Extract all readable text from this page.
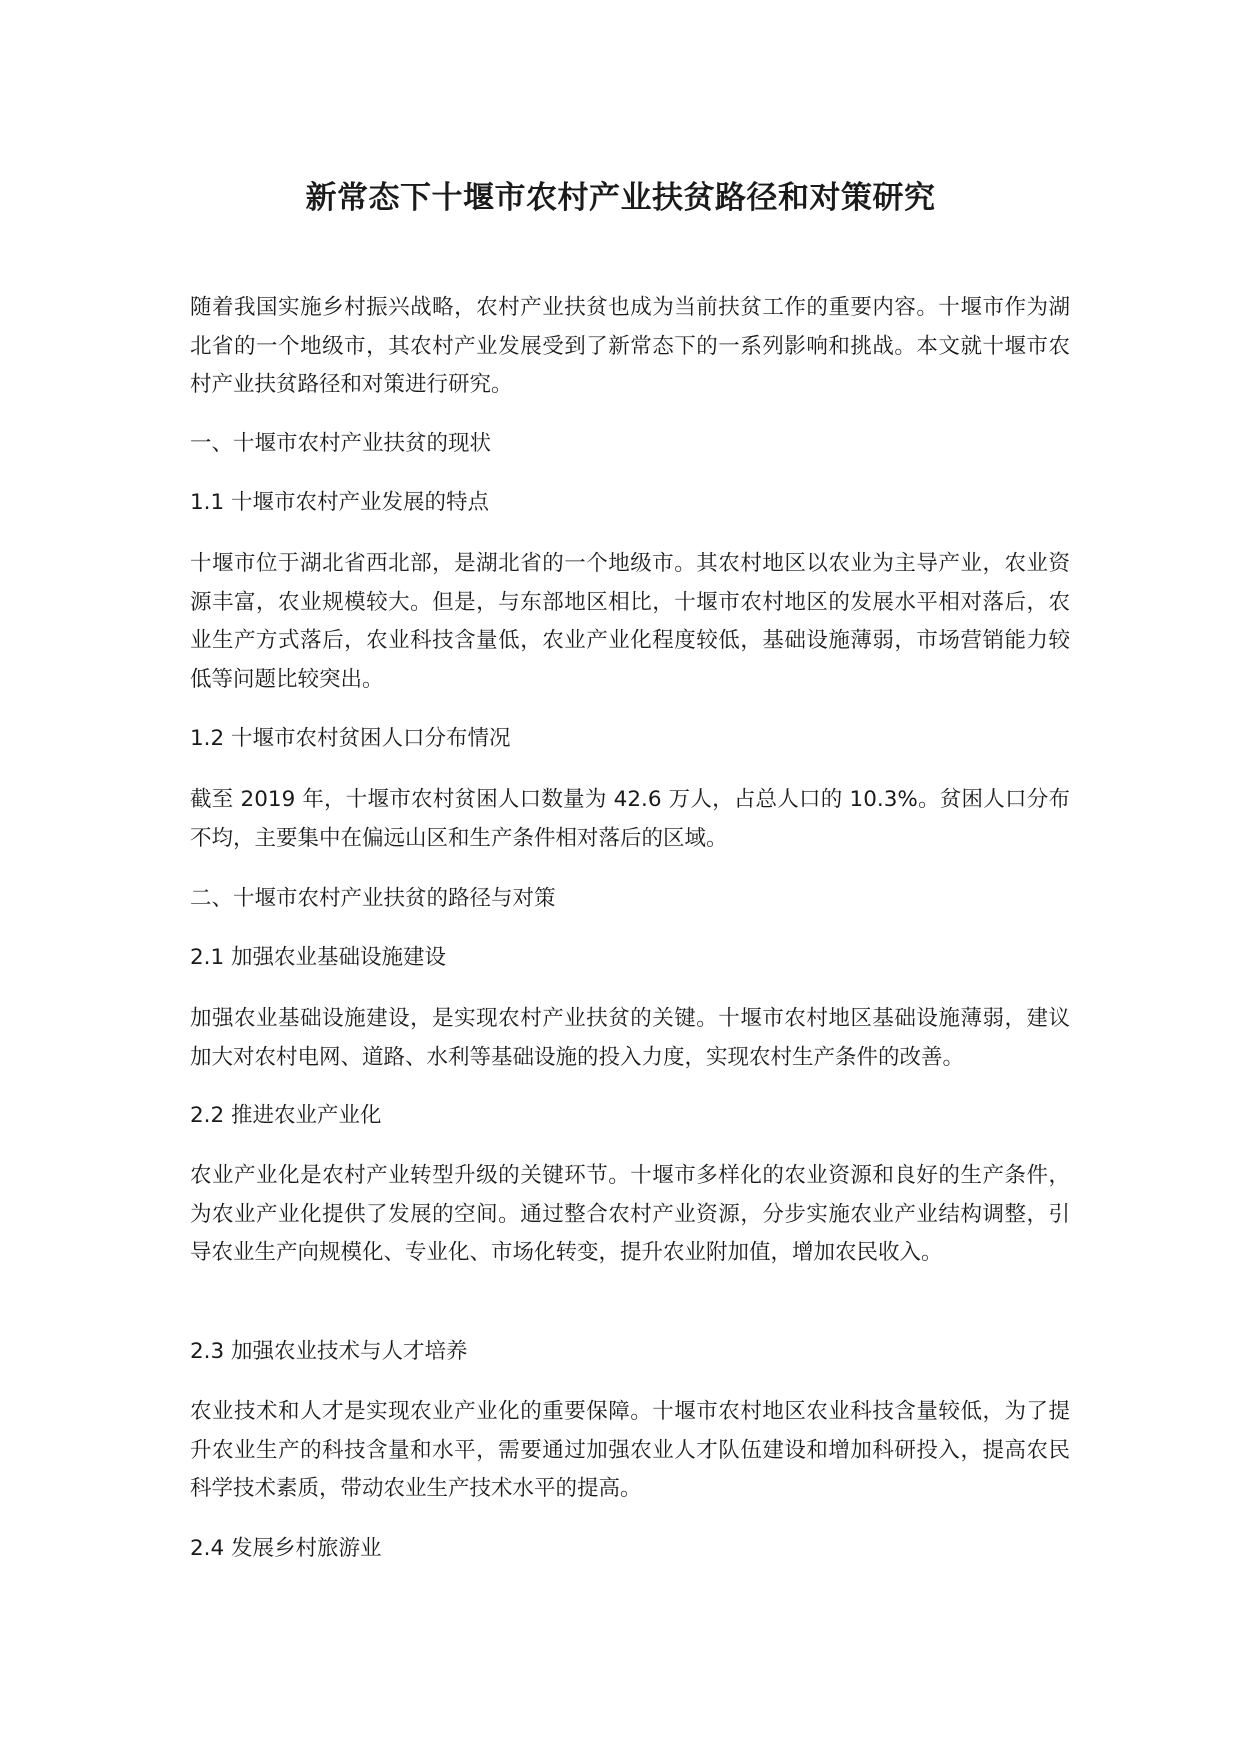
新常态下十堰市农村产业扶贫路径和对策研究

随着我国实施乡村振兴战略，农村产业扶贫也成为当前扶贫工作的重要内容。十堰市作为湖北省的一个地级市，其农村产业发展受到了新常态下的一系列影响和挑战。本文就十堰市农村产业扶贫路径和对策进行研究。

一、十堰市农村产业扶贫的现状

1.1 十堰市农村产业发展的特点

十堰市位于湖北省西北部，是湖北省的一个地级市。其农村地区以农业为主导产业，农业资源丰富，农业规模较大。但是，与东部地区相比，十堰市农村地区的发展水平相对落后，农业生产方式落后，农业科技含量低，农业产业化程度较低，基础设施薄弱，市场营销能力较低等问题比较突出。

1.2 十堰市农村贫困人口分布情况

截至 2019 年，十堰市农村贫困人口数量为 42.6 万人，占总人口的 10.3%。贫困人口分布不均，主要集中在偏远山区和生产条件相对落后的区域。

二、十堰市农村产业扶贫的路径与对策

2.1 加强农业基础设施建设

加强农业基础设施建设，是实现农村产业扶贫的关键。十堰市农村地区基础设施薄弱，建议加大对农村电网、道路、水利等基础设施的投入力度，实现农村生产条件的改善。

2.2 推进农业产业化

农业产业化是农村产业转型升级的关键环节。十堰市多样化的农业资源和良好的生产条件，为农业产业化提供了发展的空间。通过整合农村产业资源，分步实施农业产业结构调整，引导农业生产向规模化、专业化、市场化转变，提升农业附加值，增加农民收入。

2.3 加强农业技术与人才培养

农业技术和人才是实现农业产业化的重要保障。十堰市农村地区农业科技含量较低，为了提升农业生产的科技含量和水平，需要通过加强农业人才队伍建设和增加科研投入，提高农民科学技术素质，带动农业生产技术水平的提高。

2.4 发展乡村旅游业
